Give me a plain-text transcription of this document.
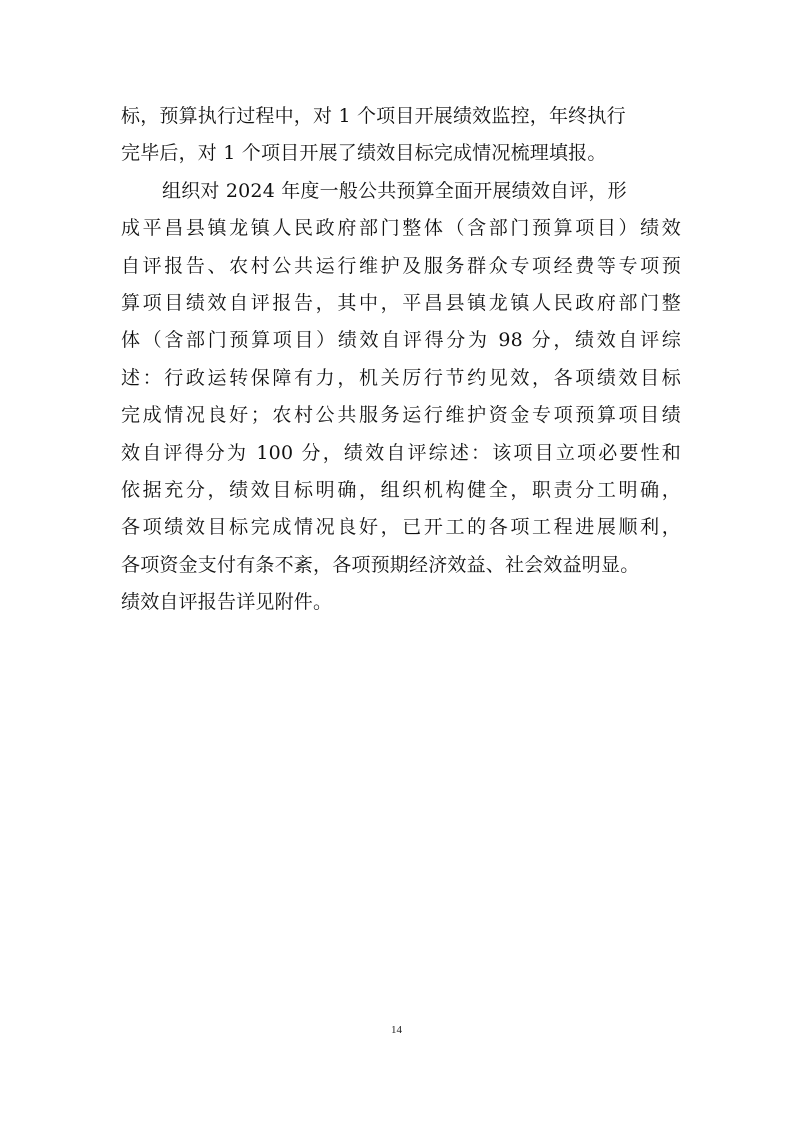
标，预算执行过程中，对 1 个项目开展绩效监控，年终执行
完毕后，对 1 个项目开展了绩效目标完成情况梳理填报。
组织对 2024 年度一般公共预算全面开展绩效自评，形
成平昌县镇龙镇人民政府部门整体（含部门预算项目）绩效
自评报告、农村公共运行维护及服务群众专项经费等专项预
算项目绩效自评报告，其中，平昌县镇龙镇人民政府部门整
体（含部门预算项目）绩效自评得分为 98 分，绩效自评综
述：行政运转保障有力，机关厉行节约见效，各项绩效目标
完成情况良好；农村公共服务运行维护资金专项预算项目绩
效自评得分为 100 分，绩效自评综述：该项目立项必要性和
依据充分，绩效目标明确，组织机构健全，职责分工明确，
各项绩效目标完成情况良好，已开工的各项工程进展顺利，
各项资金支付有条不紊，各项预期经济效益、社会效益明显。
绩效自评报告详见附件。
14
